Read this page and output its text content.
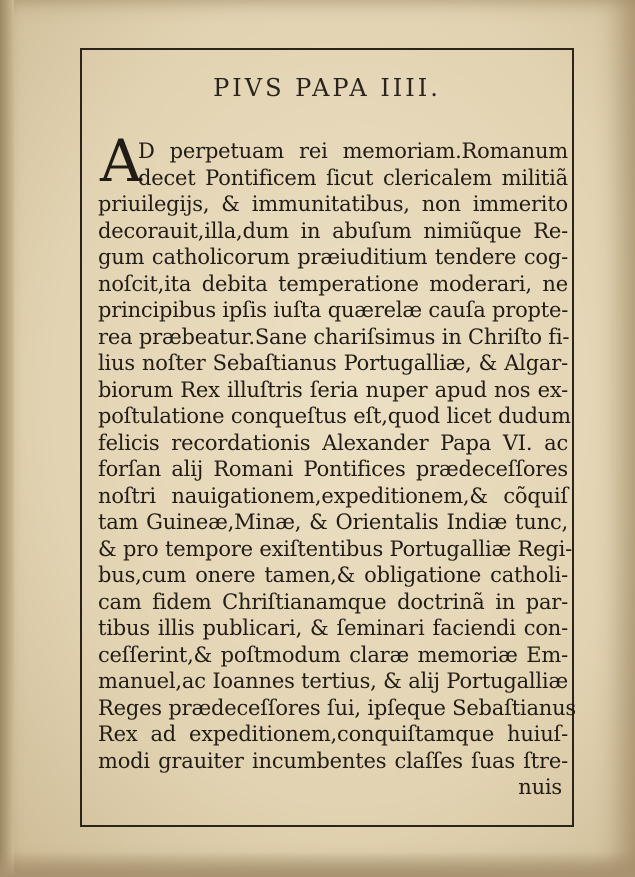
PIVS PAPA IIII.
A
D perpetuam rei memoriam.Romanum
decet Pontificem ſicut clericalem militiã
priuilegijs, & immunitatibus, non immerito
decorauit,illa,dum in abuſum nimiũque Re-
gum catholicorum præiuditium tendere cog-
noſcit,ita debita temperatione moderari, ne
principibus ipſis iuſta quærelæ cauſa propte-
rea præbeatur.Sane chariſsimus in Chriſto fi-
lius noſter Sebaſtianus Portugalliæ, & Algar-
biorum Rex illuſtris ſeria nuper apud nos ex-
poſtulatione conqueſtus eſt,quod licet dudum
felicis recordationis Alexander Papa VI. ac
forſan alij Romani Pontifices prædeceſſores
noſtri nauigationem,expeditionem,& cõquiſ
tam Guineæ,Minæ, & Orientalis Indiæ tunc,
& pro tempore exiſtentibus Portugalliæ Regi-
bus,cum onere tamen,& obligatione catholi-
cam fidem Chriſtianamque doctrinã in par-
tibus illis publicari, & ſeminari faciendi con-
ceſſerint,& poſtmodum claræ memoriæ Em-
manuel,ac Ioannes tertius, & alij Portugalliæ
Reges prædeceſſores ſui, ipſeque Sebaſtianus
Rex ad expeditionem,conquiſtamque huiuſ-
modi grauiter incumbentes claſſes ſuas ſtre-
nuis
